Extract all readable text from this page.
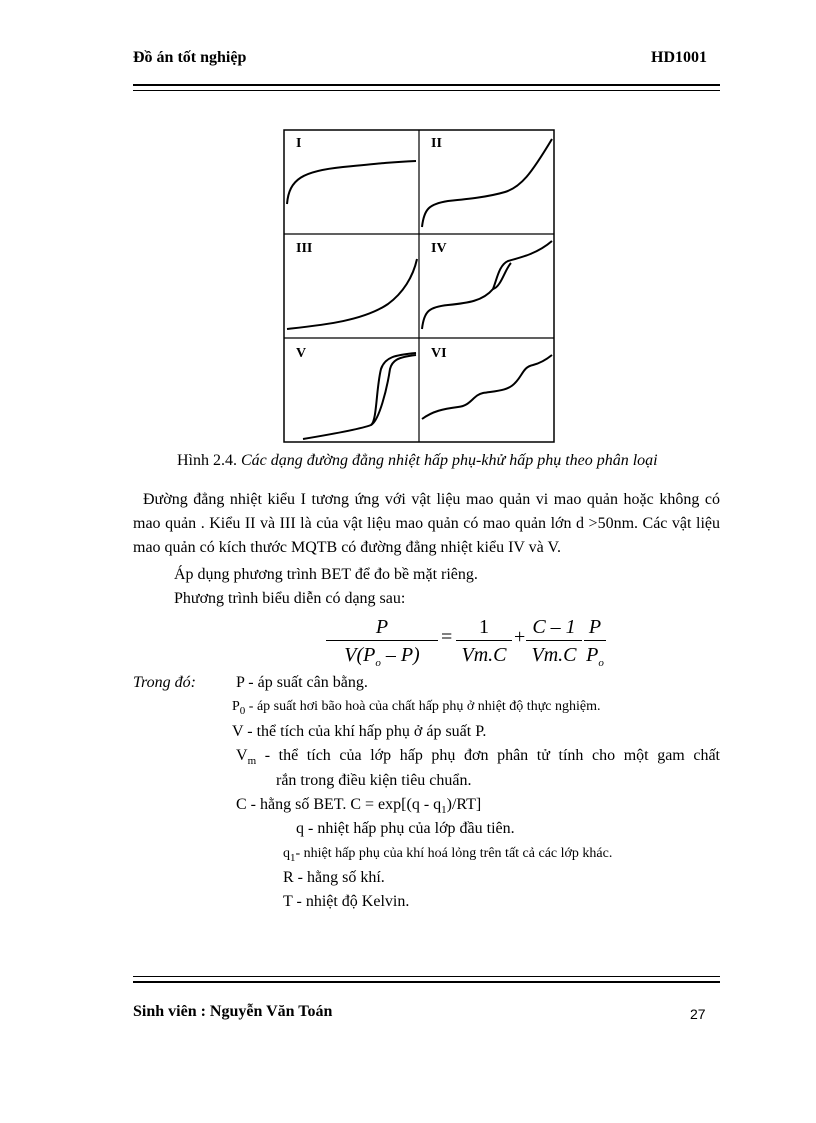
Đồ án tốt nghiệp	HD1001
I	II
III	IV
V	VI
Hình 2.4. Các dạng đường đẳng nhiệt hấp phụ-khử hấp phụ theo phân loại
Đường đẳng nhiệt kiểu I tương ứng với vật liệu mao quản vi mao quản hoặc không có mao quản . Kiểu II và III là của vật liệu mao quản có mao quản lớn d >50nm. Các vật liệu mao quản có kích thước MQTB có đường đẳng nhiệt kiểu IV và V.
Áp dụng phương trình BET để đo bề mặt riêng.
Phương trình biểu diễn có dạng sau:
P
$V(P_o - P)$
=	1
Vm.C
+ C – 1
Vm.C
P
$P_o$
Trong đó:	P - áp suất cân bằng.
$P_0$ - áp suất hơi bão hoà của chất hấp phụ ở nhiệt độ thực nghiệm.
V - thể tích của khí hấp phụ ở áp suất P.
$V_m$ - thể tích của lớp hấp phụ đơn phân tử tính cho một gam chất
rắn trong điều kiện tiêu chuẩn.
C - hằng số BET. $C = \exp[(q - q_1)/RT]$
q - nhiệt hấp phụ của lớp đầu tiên.
$q_1-$ nhiệt hấp phụ của khí hoá lỏng trên tất cả các lớp khác.
R - hằng số khí.
T - nhiệt độ Kelvin.
Sinh viên : Nguyễn Văn Toán	27
